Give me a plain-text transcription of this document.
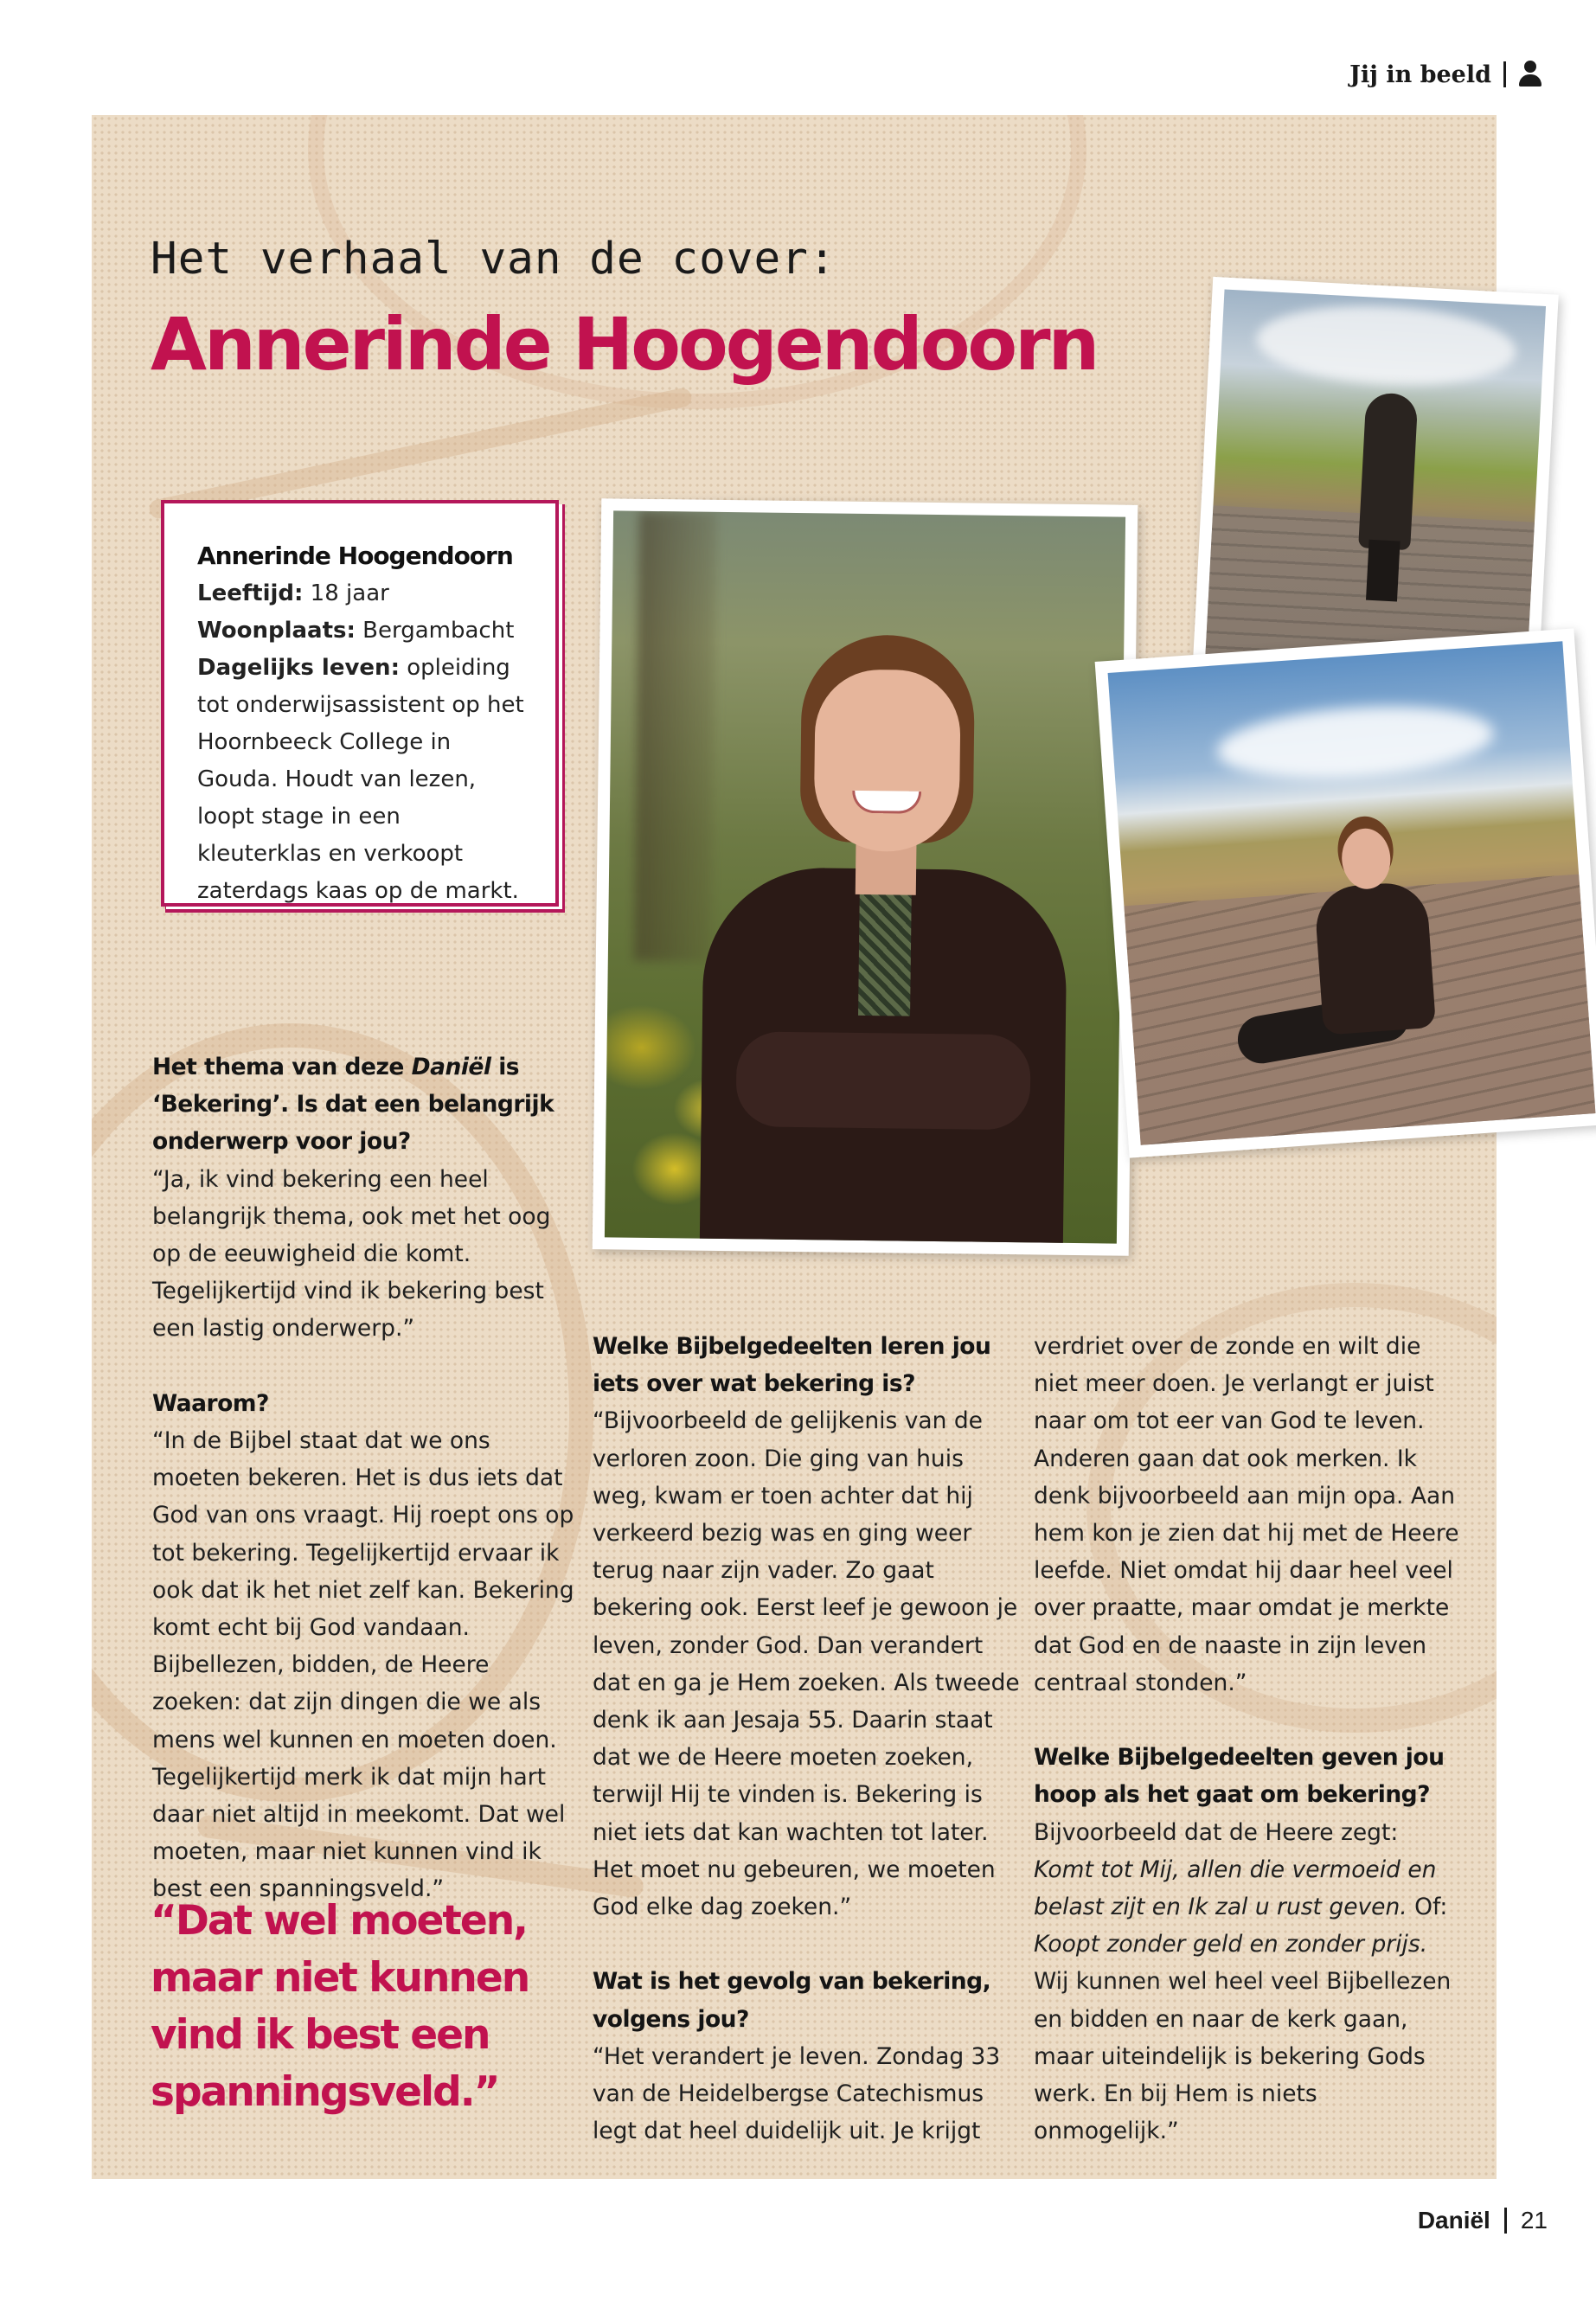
Jij in beeld
Het verhaal van de cover:
Annerinde Hoogendoorn
Annerinde Hoogendoorn
Leeftijd: 18 jaar
Woonplaats: Bergambacht
Dagelijks leven: opleiding tot onderwijsassistent op het Hoornbeeck College in Gouda. Houdt van lezen, loopt stage in een kleuterklas en verkoopt zaterdags kaas op de markt.

Het thema van deze Daniël is ‘Bekering’. Is dat een belangrijk onderwerp voor jou?

“Ja, ik vind bekering een heel belangrijk thema, ook met het oog op de eeuwigheid die komt. Tegelijkertijd vind ik bekering best een lastig onderwerp.”

Waarom?

“In de Bijbel staat dat we ons moeten bekeren. Het is dus iets dat God van ons vraagt. Hij roept ons op tot bekering. Tegelijkertijd ervaar ik ook dat ik het niet zelf kan. Bekering komt echt bij God vandaan. Bijbellezen, bidden, de Heere zoeken: dat zijn dingen die we als mens wel kunnen en moeten doen. Tegelijkertijd merk ik dat mijn hart daar niet altijd in meekomt. Dat wel moeten, maar niet kunnen vind ik best een spanningsveld.”

“Dat wel moeten, maar niet kunnen vind ik best een spanningsveld.”

Welke Bijbelgedeelten leren jou iets over wat bekering is?

“Bijvoorbeeld de gelijkenis van de verloren zoon. Die ging van huis weg, kwam er toen achter dat hij verkeerd bezig was en ging weer terug naar zijn vader. Zo gaat bekering ook. Eerst leef je gewoon je leven, zonder God. Dan verandert dat en ga je Hem zoeken. Als tweede denk ik aan Jesaja 55. Daarin staat dat we de Heere moeten zoeken, terwijl Hij te vinden is. Bekering is niet iets dat kan wachten tot later. Het moet nu gebeuren, we moeten God elke dag zoeken.”

Wat is het gevolg van bekering, volgens jou?

“Het verandert je leven. Zondag 33 van de Heidelbergse Catechismus legt dat heel duidelijk uit. Je krijgt

verdriet over de zonde en wilt die niet meer doen. Je verlangt er juist naar om tot eer van God te leven. Anderen gaan dat ook merken. Ik denk bijvoorbeeld aan mijn opa. Aan hem kon je zien dat hij met de Heere leefde. Niet omdat hij daar heel veel over praatte, maar omdat je merkte dat God en de naaste in zijn leven centraal stonden.”

Welke Bijbelgedeelten geven jou hoop als het gaat om bekering?

Bijvoorbeeld dat de Heere zegt: Komt tot Mij, allen die vermoeid en belast zijt en Ik zal u rust geven. Of: Koopt zonder geld en zonder prijs. Wij kunnen wel heel veel Bijbellezen en bidden en naar de kerk gaan, maar uiteindelijk is bekering Gods werk. En bij Hem is niets onmogelijk.”

Daniël 21
